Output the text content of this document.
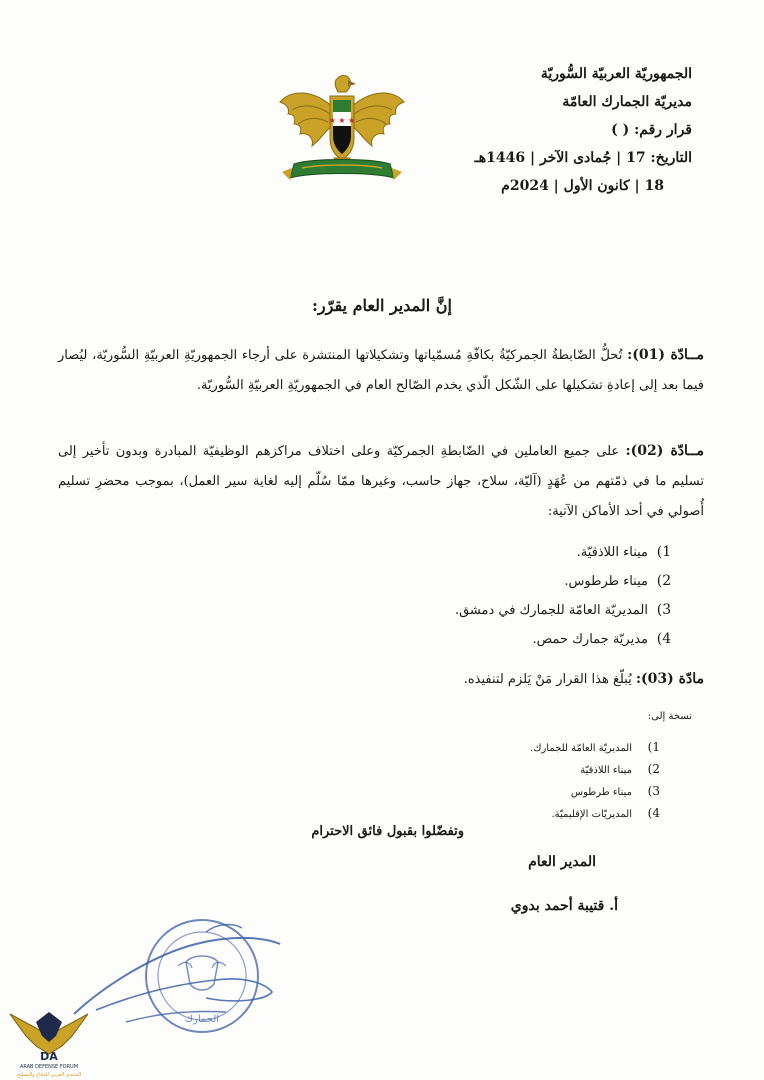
الجمهوريّة العربيّة السُّوريّة
مديريّة الجمارك العامّة
قرار رقم: ( )
التاريخ: 17 | جُمادى الآخر | 1446هـ
18 | كانون الأول | 2024م
★ ★ ★
إنَّ المدير العام يقرّر:
مــادّة (01): تُحلُّ الضّابطةُ الجمركيّةُ بكافّةِ مُسمّياتها وتشكيلاتها المنتشرة على أرجاء الجمهوريّةِ العربيّةِ السُّوريّة، ليُصار فيما بعد إلى إعادةِ تشكيلها على الشّكل الّذي يخدم الصّالح العام في الجمهوريّةِ العربيّةِ السُّوريّة.
مــادّة (02): على جميع العاملين في الضّابطةِ الجمركيّة وعلى اختلاف مراكزهم الوظيفيّة المبادرة وبدون تأخير إلى تسليم ما في ذمّتهم من عُهَدٍ (آليّة، سلاح، جهاز حاسب، وغيرها ممّا سُلّم إليه لغاية سير العمل)، بموجب محضرِ تسليم أُصولي في أحد الأماكن الآتية:
1)ميناء اللاذقيّة.
2)ميناء طرطوس.
3)المديريّة العامّة للجمارك في دمشق.
4)مديريّة جمارك حمص.
مادّة (03): يُبلّغ هذا القرار مَنْ يَلزم لتنفيذه.
نسخة إلى:
1)المديريّة العامّة للجمارك.
2)ميناء اللاذقيّة
3)ميناء طرطوس
4)المديريّات الإقليميّة.
وتفضّلوا بقبول فائق الاحترام
المدير العام
أ. قتيبة أحمد بدوي
الجمارك
DA
ARAB DEFENSE FORUM
المنتدى العربي للدفاع والتسليح
